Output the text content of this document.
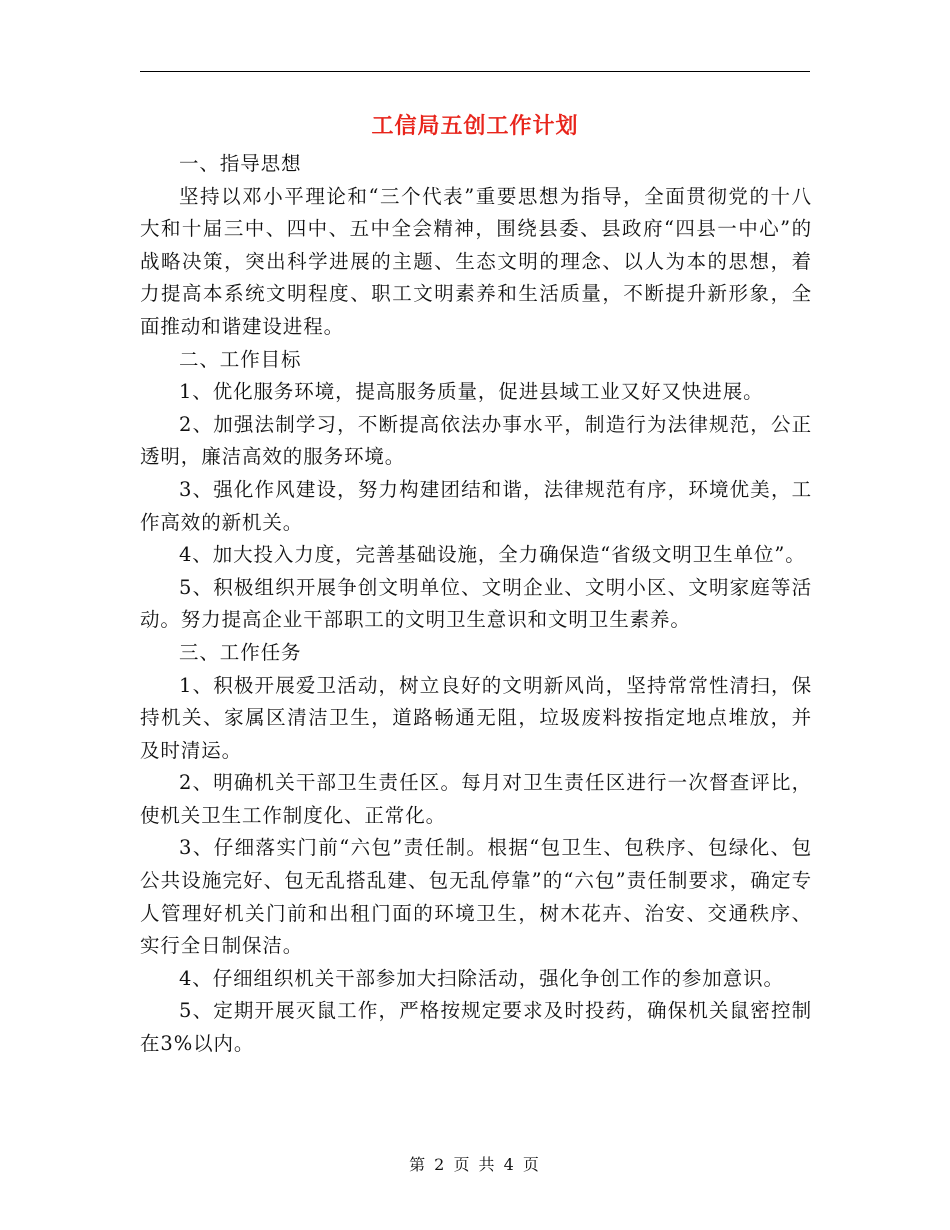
工信局五创工作计划

一、指导思想

坚持以邓小平理论和“三个代表”重要思想为指导，全面贯彻党的十八大和十届三中、四中、五中全会精神，围绕县委、县政府“四县一中心”的战略决策，突出科学进展的主题、生态文明的理念、以人为本的思想，着力提高本系统文明程度、职工文明素养和生活质量，不断提升新形象，全面推动和谐建设进程。

二、工作目标

1、优化服务环境，提高服务质量，促进县域工业又好又快进展。

2、加强法制学习，不断提高依法办事水平，制造行为法律规范，公正透明，廉洁高效的服务环境。

3、强化作风建设，努力构建团结和谐，法律规范有序，环境优美，工作高效的新机关。

4、加大投入力度，完善基础设施，全力确保造“省级文明卫生单位”。

5、积极组织开展争创文明单位、文明企业、文明小区、文明家庭等活动。努力提高企业干部职工的文明卫生意识和文明卫生素养。

三、工作任务

1、积极开展爱卫活动，树立良好的文明新风尚，坚持常常性清扫，保持机关、家属区清洁卫生，道路畅通无阻，垃圾废料按指定地点堆放，并及时清运。

2、明确机关干部卫生责任区。每月对卫生责任区进行一次督查评比，使机关卫生工作制度化、正常化。

3、仔细落实门前“六包”责任制。根据“包卫生、包秩序、包绿化、包公共设施完好、包无乱搭乱建、包无乱停靠”的“六包”责任制要求，确定专人管理好机关门前和出租门面的环境卫生，树木花卉、治安、交通秩序、实行全日制保洁。

4、仔细组织机关干部参加大扫除活动，强化争创工作的参加意识。

5、定期开展灭鼠工作，严格按规定要求及时投药，确保机关鼠密控制在3%以内。

第 2 页 共 4 页
